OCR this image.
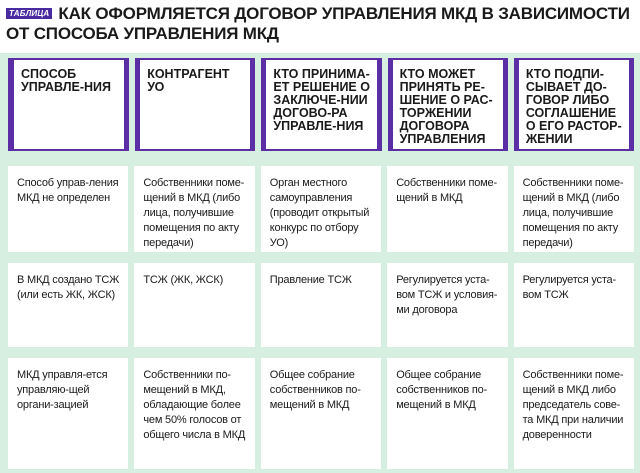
ТАБЛИЦА КАК ОФОРМЛЯЕТСЯ ДОГОВОР УПРАВЛЕНИЯ МКД В ЗАВИСИМОСТИ
ОТ СПОСОБА УПРАВЛЕНИЯ МКД
СПОСОБ УПРАВЛЕ-НИЯ
КОНТРАГЕНТ УО
КТО ПРИНИМА-ЕТ РЕШЕНИЕ О ЗАКЛЮЧЕ-НИИ ДОГОВО-РА УПРАВЛЕ-НИЯ
КТО МОЖЕТ ПРИНЯТЬ РЕ-ШЕНИЕ О РАС-ТОРЖЕНИИ ДОГОВОРА УПРАВЛЕНИЯ
КТО ПОДПИ-СЫВАЕТ ДО-ГОВОР ЛИБО СОГЛАШЕНИЕ О ЕГО РАСТОР-ЖЕНИИ
Способ управ-ления МКД не определен
Собственники поме-щений в МКД (либо лица, получившие помещения по акту передачи)
Орган местного самоуправления (проводит открытый конкурс по отбору УО)
Собственники поме-щений в МКД
Собственники поме-щений в МКД (либо лица, получившие помещения по акту передачи)
В МКД создано ТСЖ (или есть ЖК, ЖСК)
ТСЖ (ЖК, ЖСК)	Правление ТСЖ	Регулируется уста-вом ТСЖ и условия-ми договора
Регулируется уста-вом ТСЖ
МКД управля-ется управляю-щей органи-зацией
Собственники по-мещений в МКД, обладающие более чем 50% голосов от общего числа в МКД
Общее собрание собственников по-мещений в МКД
Общее собрание собственников по-мещений в МКД
Собственники поме-щений в МКД либо председатель сове-та МКД при наличии доверенности
